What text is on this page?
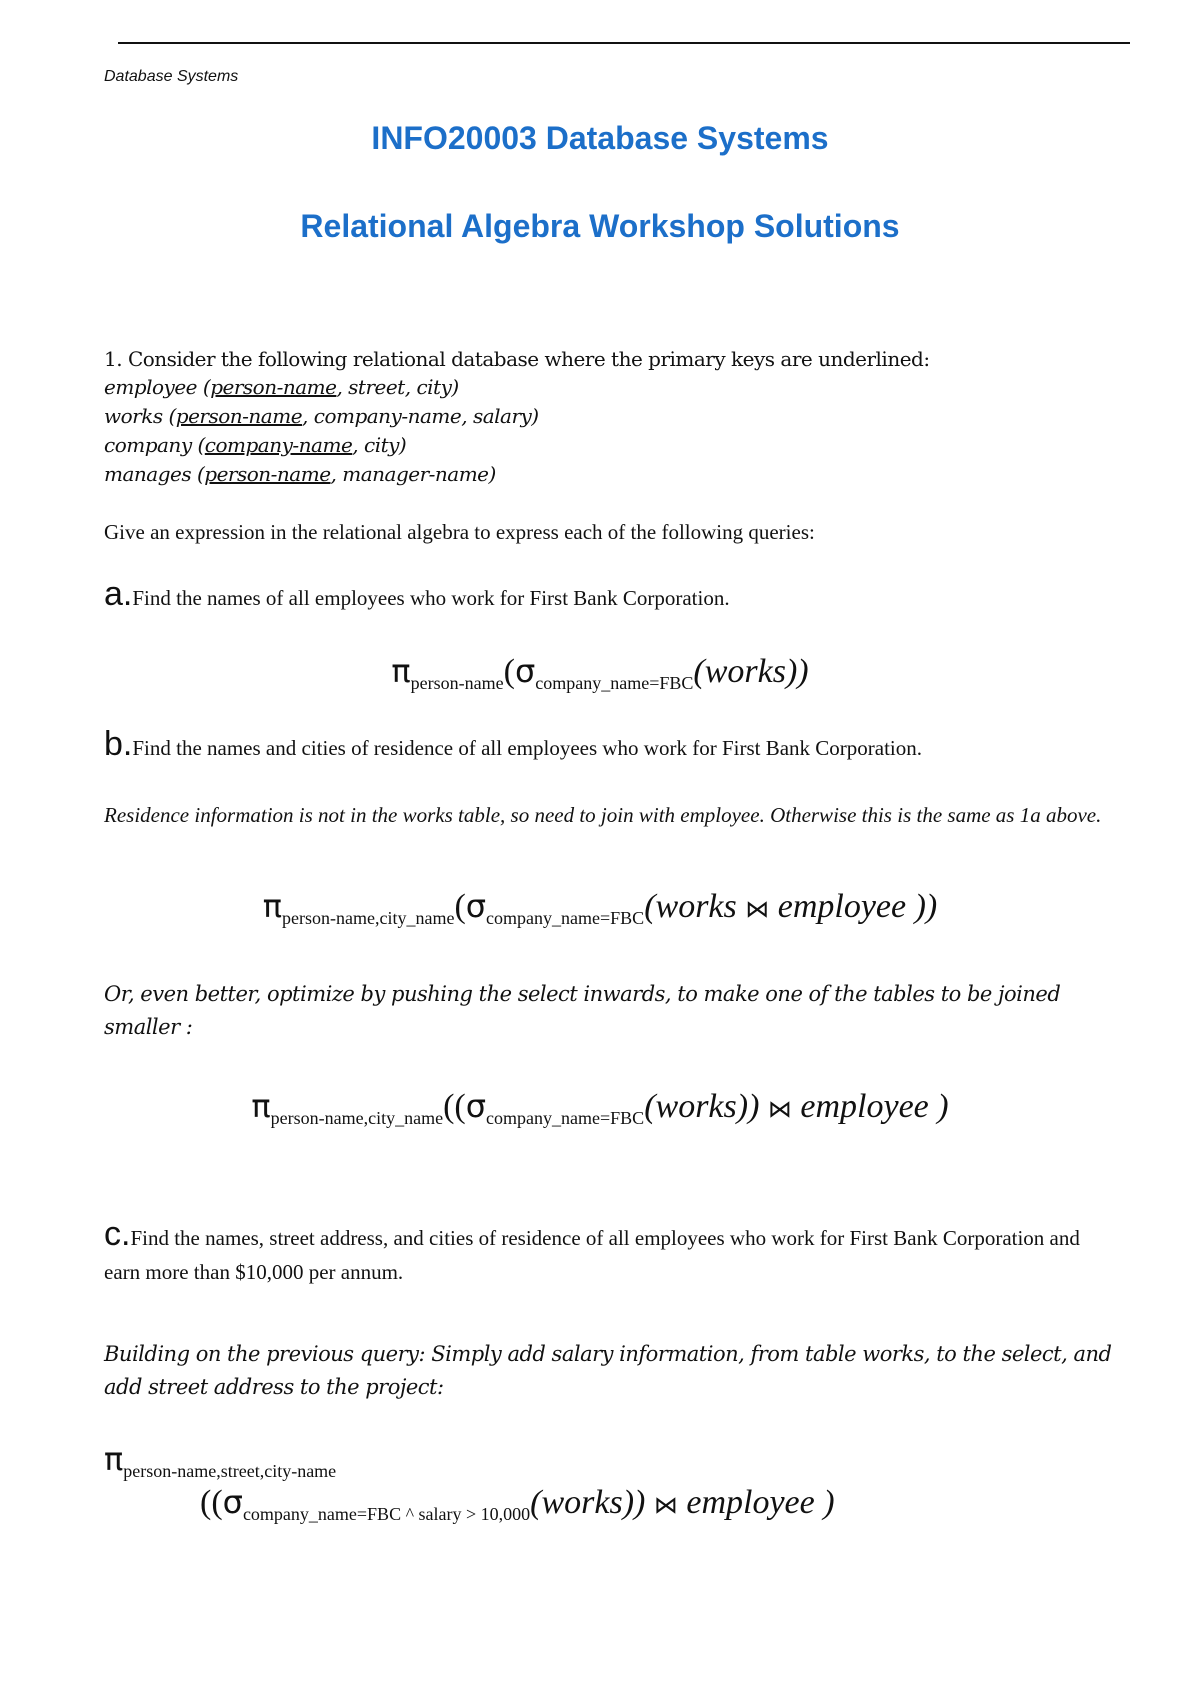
Database Systems
INFO20003 Database Systems
Relational Algebra Workshop Solutions
1. Consider the following relational database where the primary keys are underlined:
employee (person-name, street, city)
works (person-name, company-name, salary)
company (company-name, city)
manages (person-name, manager-name)
Give an expression in the relational algebra to express each of the following queries:
a.Find the names of all employees who work for First Bank Corporation.
$\pi_{person-name}(\sigma_{company\_name=FBC}(works))$
b.Find the names and cities of residence of all employees who work for First Bank Corporation.
Residence information is not in the works table, so need to join with employee. Otherwise this is the same as 1a above.
$\pi_{person-name,city\_name}(\sigma_{company\_name=FBC}(works$ ⋈ employee ))
Or, even better, optimize by pushing the select inwards, to make one of the tables to be joined smaller :
$\pi_{person-name,city\_name}((\sigma_{company\_name=FBC}(works))$ ⋈ employee )
c.Find the names, street address, and cities of residence of all employees who work for First Bank Corporation and earn more than $10,000 per annum.
Building on the previous query: Simply add salary information, from table works, to the select, and add street address to the project:
$\pi_{person-name,street,city-name}$
($(\sigma_{company\_name=FBC \^{} salary > 10,000}(works))$ ⋈ employee )
